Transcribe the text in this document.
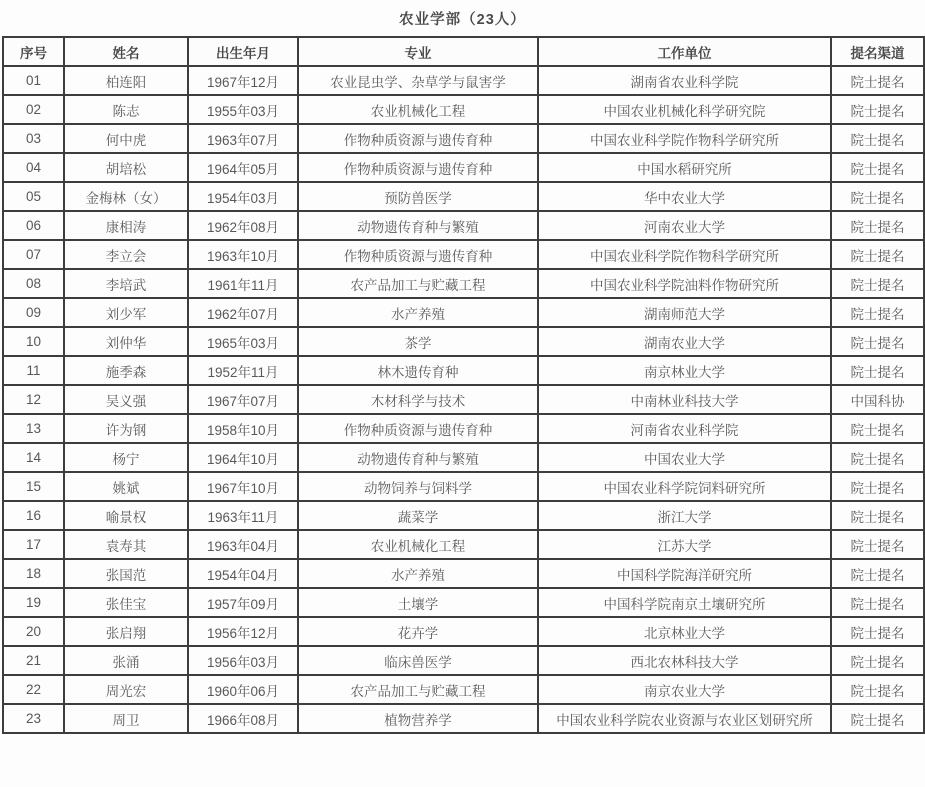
农业学部（23人）
序号	姓名	出生年月	专业	工作单位	提名渠道
01	柏连阳	1967年12月	农业昆虫学、杂草学与鼠害学	湖南省农业科学院	院士提名
02	陈志	1955年03月	农业机械化工程	中国农业机械化科学研究院	院士提名
03	何中虎	1963年07月	作物种质资源与遗传育种	中国农业科学院作物科学研究所	院士提名
04	胡培松	1964年05月	作物种质资源与遗传育种	中国水稻研究所	院士提名
05	金梅林（女）	1954年03月	预防兽医学	华中农业大学	院士提名
06	康相涛	1962年08月	动物遗传育种与繁殖	河南农业大学	院士提名
07	李立会	1963年10月	作物种质资源与遗传育种	中国农业科学院作物科学研究所	院士提名
08	李培武	1961年11月	农产品加工与贮藏工程	中国农业科学院油料作物研究所	院士提名
09	刘少军	1962年07月	水产养殖	湖南师范大学	院士提名
10	刘仲华	1965年03月	茶学	湖南农业大学	院士提名
11	施季森	1952年11月	林木遗传育种	南京林业大学	院士提名
12	吴义强	1967年07月	木材科学与技术	中南林业科技大学	中国科协
13	许为钢	1958年10月	作物种质资源与遗传育种	河南省农业科学院	院士提名
14	杨宁	1964年10月	动物遗传育种与繁殖	中国农业大学	院士提名
15	姚斌	1967年10月	动物饲养与饲料学	中国农业科学院饲料研究所	院士提名
16	喻景权	1963年11月	蔬菜学	浙江大学	院士提名
17	袁寿其	1963年04月	农业机械化工程	江苏大学	院士提名
18	张国范	1954年04月	水产养殖	中国科学院海洋研究所	院士提名
19	张佳宝	1957年09月	土壤学	中国科学院南京土壤研究所	院士提名
20	张启翔	1956年12月	花卉学	北京林业大学	院士提名
21	张涌	1956年03月	临床兽医学	西北农林科技大学	院士提名
22	周光宏	1960年06月	农产品加工与贮藏工程	南京农业大学	院士提名
23	周卫	1966年08月	植物营养学	中国农业科学院农业资源与农业区划研究所	院士提名
